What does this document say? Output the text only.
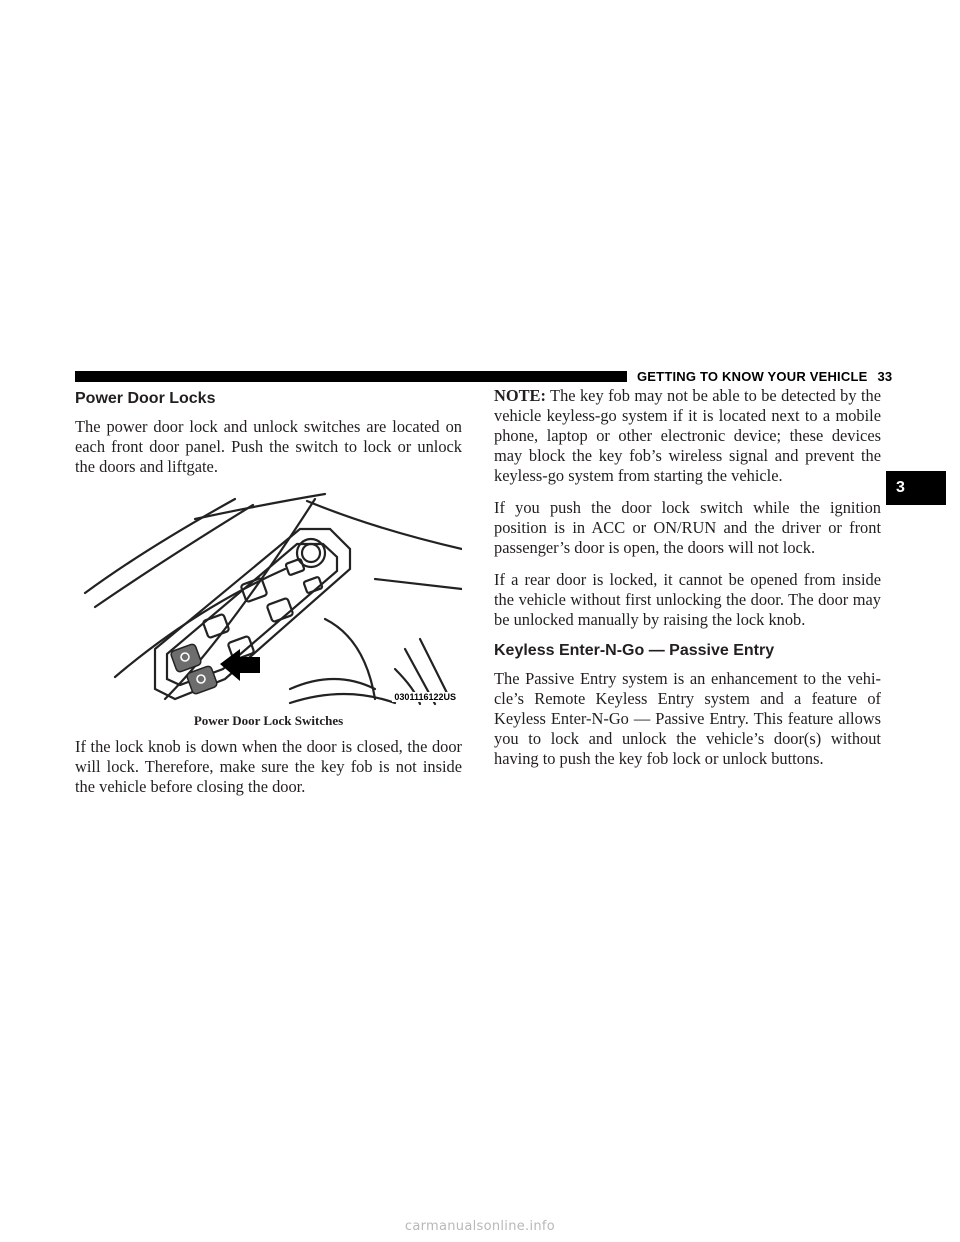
GETTING TO KNOW YOUR VEHICLE 33
3
Power Door Locks

The power door lock and unlock switches are located on each front door panel. Push the switch to lock or unlock the doors and liftgate.

0301116122US
Power Door Lock Switches

If the lock knob is down when the door is closed, the door will lock. Therefore, make sure the key fob is not inside the vehicle before closing the door.

NOTE: The key fob may not be able to be detected by the vehicle keyless-go system if it is located next to a mobile phone, laptop or other electronic device; these devices may block the key fob’s wireless signal and prevent the keyless-go system from starting the vehicle.

If you push the door lock switch while the ignition position is in ACC or ON/RUN and the driver or front passenger’s door is open, the doors will not lock.

If a rear door is locked, it cannot be opened from inside the vehicle without first unlocking the door. The door may be unlocked manually by raising the lock knob.

Keyless Enter-N-Go — Passive Entry

The Passive Entry system is an enhancement to the vehi-cle’s Remote Keyless Entry system and a feature of Keyless Enter-N-Go — Passive Entry. This feature allows you to lock and unlock the vehicle’s door(s) without having to push the key fob lock or unlock buttons.

carmanualsonline.info
